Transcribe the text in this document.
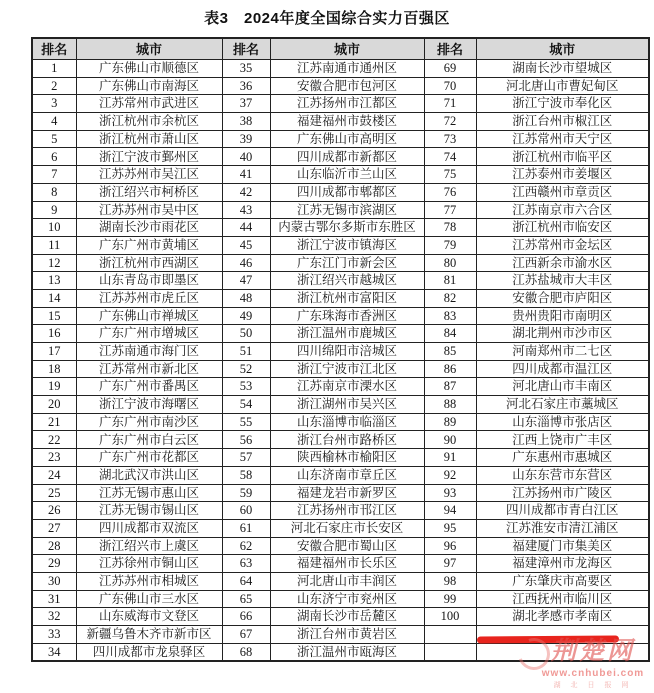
表3　2024年度全国综合实力百强区
排名	城市	排名	城市	排名	城市
1	广东佛山市顺德区	35	江苏南通市通州区	69	湖南长沙市望城区
2	广东佛山市南海区	36	安徽合肥市包河区	70	河北唐山市曹妃甸区
3	江苏常州市武进区	37	江苏扬州市江都区	71	浙江宁波市奉化区
4	浙江杭州市余杭区	38	福建福州市鼓楼区	72	浙江台州市椒江区
5	浙江杭州市萧山区	39	广东佛山市高明区	73	江苏常州市天宁区
6	浙江宁波市鄞州区	40	四川成都市新都区	74	浙江杭州市临平区
7	江苏苏州市吴江区	41	山东临沂市兰山区	75	江苏泰州市姜堰区
8	浙江绍兴市柯桥区	42	四川成都市郫都区	76	江西赣州市章贡区
9	江苏苏州市吴中区	43	江苏无锡市滨湖区	77	江苏南京市六合区
10	湖南长沙市雨花区	44	内蒙古鄂尔多斯市东胜区	78	浙江杭州市临安区
11	广东广州市黄埔区	45	浙江宁波市镇海区	79	江苏常州市金坛区
12	浙江杭州市西湖区	46	广东江门市新会区	80	江西新余市渝水区
13	山东青岛市即墨区	47	浙江绍兴市越城区	81	江苏盐城市大丰区
14	江苏苏州市虎丘区	48	浙江杭州市富阳区	82	安徽合肥市庐阳区
15	广东佛山市禅城区	49	广东珠海市香洲区	83	贵州贵阳市南明区
16	广东广州市增城区	50	浙江温州市鹿城区	84	湖北荆州市沙市区
17	江苏南通市海门区	51	四川绵阳市涪城区	85	河南郑州市二七区
18	江苏常州市新北区	52	浙江宁波市江北区	86	四川成都市温江区
19	广东广州市番禺区	53	江苏南京市溧水区	87	河北唐山市丰南区
20	浙江宁波市海曙区	54	浙江湖州市吴兴区	88	河北石家庄市藁城区
21	广东广州市南沙区	55	山东淄博市临淄区	89	山东淄博市张店区
22	广东广州市白云区	56	浙江台州市路桥区	90	江西上饶市广丰区
23	广东广州市花都区	57	陕西榆林市榆阳区	91	广东惠州市惠城区
24	湖北武汉市洪山区	58	山东济南市章丘区	92	山东东营市东营区
25	江苏无锡市惠山区	59	福建龙岩市新罗区	93	江苏扬州市广陵区
26	江苏无锡市锡山区	60	江苏扬州市邗江区	94	四川成都市青白江区
27	四川成都市双流区	61	河北石家庄市长安区	95	江苏淮安市清江浦区
28	浙江绍兴市上虞区	62	安徽合肥市蜀山区	96	福建厦门市集美区
29	江苏徐州市铜山区	63	福建福州市长乐区	97	福建漳州市龙海区
30	江苏苏州市相城区	64	河北唐山市丰润区	98	广东肇庆市高要区
31	广东佛山市三水区	65	山东济宁市兖州区	99	江西抚州市临川区
32	山东威海市文登区	66	湖南长沙市岳麓区	100	湖北孝感市孝南区
33	新疆乌鲁木齐市新市区	67	浙江台州市黄岩区		
34	四川成都市龙泉驿区	68	浙江温州市瓯海区			荆楚网
www.cnhubei.com
湖 北 日 报 网
